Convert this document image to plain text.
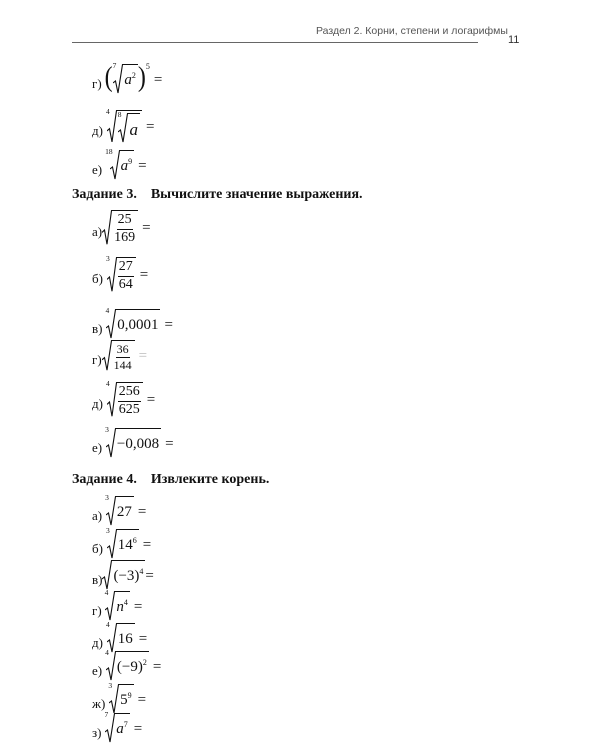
Раздел 2. Корни, степени и логарифмы
11
г) ( 7
$a^2$ )$^5$
=
д)
4 8
a =
е)
18
$a^9$ =
Задание 3. Вычислите значение выражения.
$а) \frac{25}{169}$ =
б)
3
$\frac{27}{64}$ =
в)
4
0,0001 =
$г) \frac{36}{144}$ =
д)
4
$\frac{256}{625}$ =
е)
3
−0,008 =
Задание 4. Извлеките корень.
а)
3
27 =
б)
3
$14^6$ =
в) $(-3)^4$ =
г)
4
$n^4$ =
д)
4
16 =
е)
4
$(-9)^2$ =
ж)
3
$5^9$ =
з)
7
$a^7$ =
